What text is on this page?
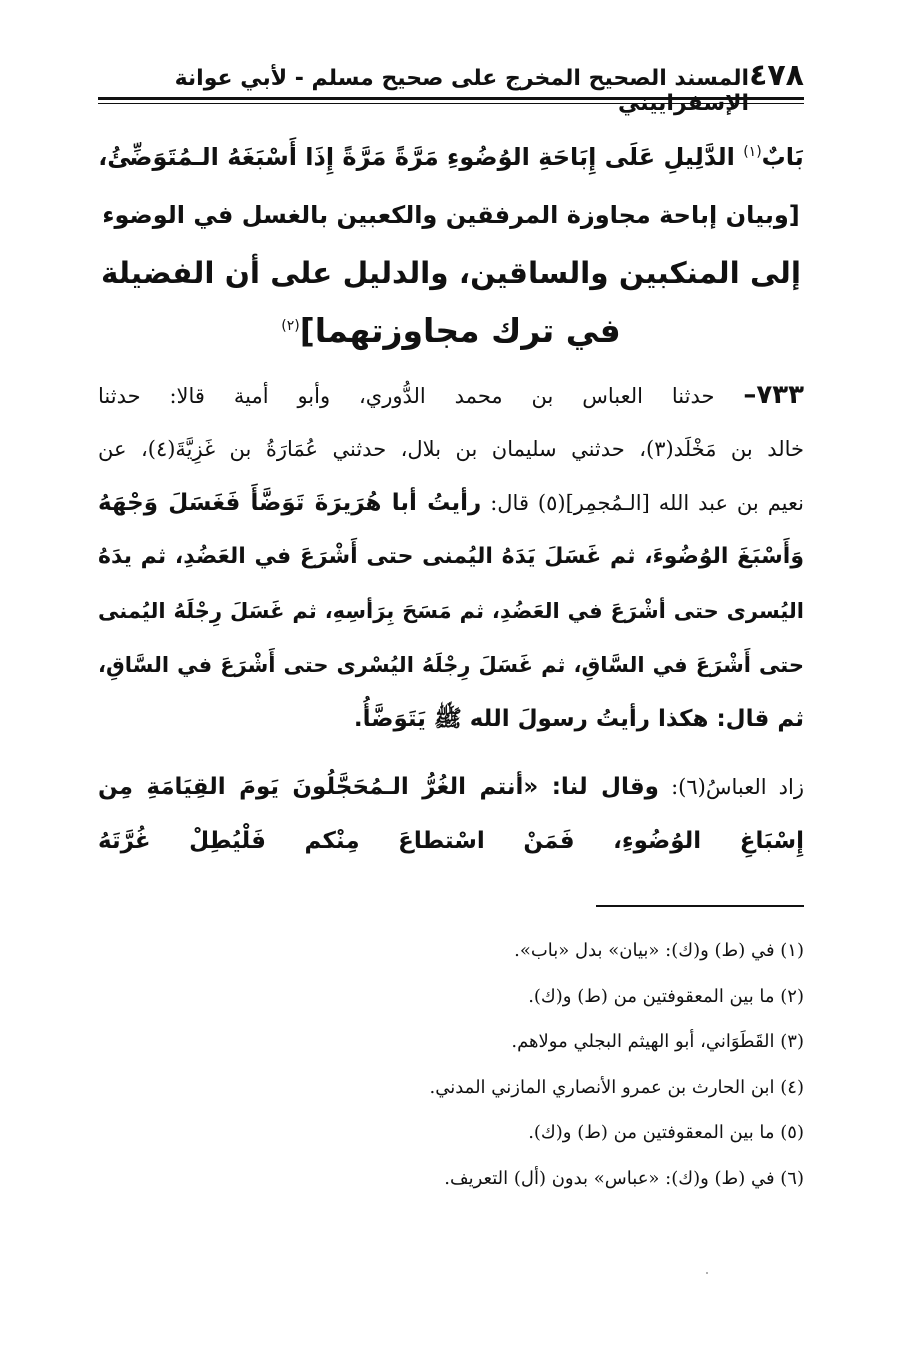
٤٧٨
المسند الصحيح المخرج على صحيح مسلم - لأبي عوانة الإسفراييني
بَابٌ$^{(١)}$ الدَّلِيلِ عَلَى إِبَاحَةِ الوُضُوءِ مَرَّةً مَرَّةً إِذَا أَسْبَغَهُ الـمُتَوَضِّئُ،
[وبيان إباحة مجاوزة المرفقين والكعبين بالغسل في الوضوء
إلى المنكبين والساقين، والدليل على أن الفضيلة
في ترك مجاوزتهما]$^{(٢)}$

٧٣٣– حدثنا العباس بن محمد الدُّوري، وأبو أمية قالا: حدثنا
خالد بن مَخْلَد(٣)، حدثني سليمان بن بلال، حدثني عُمَارَةُ بن غَزِيَّةَ(٤)، عن
نعيم بن عبد الله [الـمُجمِر](٥) قال: رأيتُ أبا هُرَيرَةَ تَوَضَّأَ فَغَسَلَ وَجْهَهُ
وَأَسْبَغَ الوُضُوءَ، ثم غَسَلَ يَدَهُ اليُمنى حتى أَشْرَعَ في العَضُدِ، ثم يدَهُ
اليُسرى حتى أشْرَعَ في العَضُدِ، ثم مَسَحَ بِرَأسِهِ، ثم غَسَلَ رِجْلَهُ اليُمنى
حتى أَشْرَعَ في السَّاقِ، ثم غَسَلَ رِجْلَهُ اليُسْرى حتى أَشْرَعَ في السَّاقِ،
ثم قال: هكذا رأيتُ رسولَ الله ﷺ يَتَوَضَّأُ.

زاد العباسُ(٦): وقال لنا: «أنتم الغُرُّ الـمُحَجَّلُونَ يَومَ القِيَامَةِ مِن
إِسْبَاغِ الوُضُوءِ، فَمَنْ اسْتطاعَ مِنْكم فَلْيُطِلْ غُرَّتَهُ

(١) في (ط) و(ك): «بيان» بدل «باب».
(٢) ما بين المعقوفتين من (ط) و(ك).
(٣) القَطَوَاني، أبو الهيثم البجلي مولاهم.
(٤) ابن الحارث بن عمرو الأنصاري المازني المدني.
(٥) ما بين المعقوفتين من (ط) و(ك).
(٦) في (ط) و(ك): «عباس» بدون (أل) التعريف.
